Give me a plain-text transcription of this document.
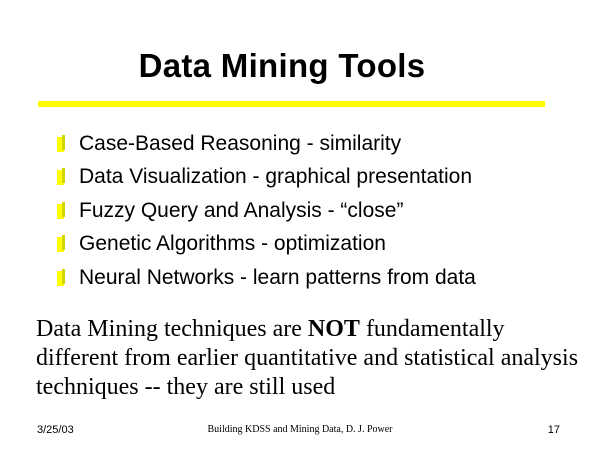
Data Mining Tools
Case-Based Reasoning - similarity
Data Visualization - graphical presentation
Fuzzy Query and Analysis - “close”
Genetic Algorithms - optimization
Neural Networks - learn patterns from data

Data Mining techniques are NOT fundamentally different from earlier quantitative and statistical analysis techniques -- they are still used

3/25/03	Building KDSS and Mining Data, D. J. Power	17
